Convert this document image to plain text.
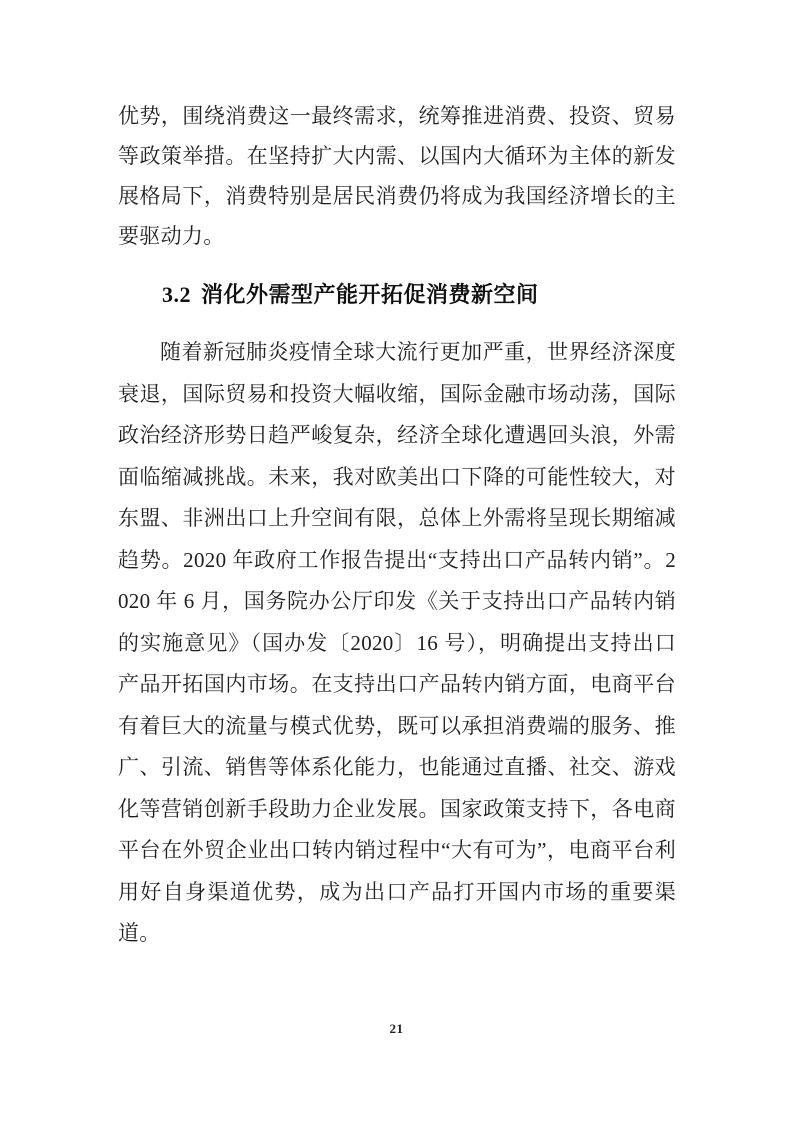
优势，围绕消费这一最终需求，统筹推进消费、投资、贸易等政策举措。在坚持扩大内需、以国内大循环为主体的新发展格局下，消费特别是居民消费仍将成为我国经济增长的主要驱动力。

3.2 消化外需型产能开拓促消费新空间

随着新冠肺炎疫情全球大流行更加严重，世界经济深度衰退，国际贸易和投资大幅收缩，国际金融市场动荡，国际政治经济形势日趋严峻复杂，经济全球化遭遇回头浪，外需面临缩减挑战。未来，我对欧美出口下降的可能性较大，对东盟、非洲出口上升空间有限，总体上外需将呈现长期缩减趋势。2020 年政府工作报告提出“支持出口产品转内销”。2020 年 6 月，国务院办公厅印发《关于支持出口产品转内销的实施意见》（国办发〔2020〕16 号），明确提出支持出口产品开拓国内市场。在支持出口产品转内销方面，电商平台有着巨大的流量与模式优势，既可以承担消费端的服务、推广、引流、销售等体系化能力，也能通过直播、社交、游戏化等营销创新手段助力企业发展。国家政策支持下，各电商平台在外贸企业出口转内销过程中“大有可为”，电商平台利用好自身渠道优势，成为出口产品打开国内市场的重要渠道。

21
